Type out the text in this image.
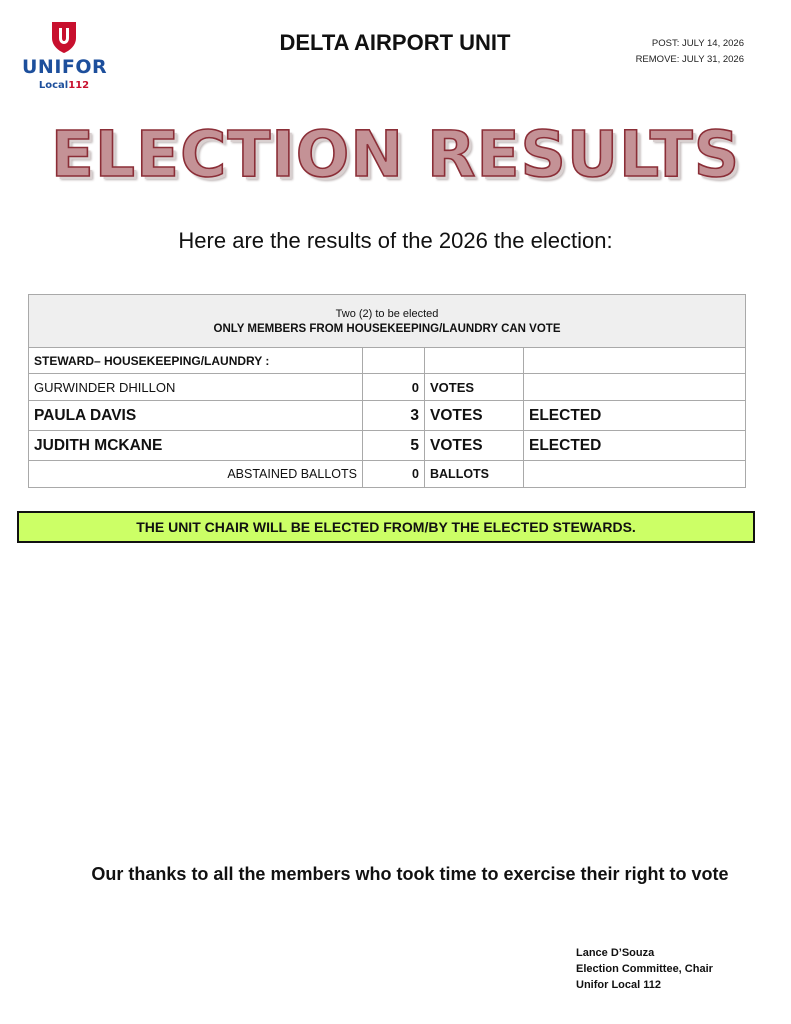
UNIFOR
Local112
DELTA AIRPORT UNIT	POST: JULY 14, 2026
REMOVE: JULY 31, 2026
ELECTION RESULTS
Here are the results of the 2026 the election:
Two (2) to be elected
ONLY MEMBERS FROM HOUSEKEEPING/LAUNDRY CAN VOTE			

STEWARD– HOUSEKEEPING/LAUNDRY :			
GURWINDER DHILLON	0	VOTES	
PAULA DAVIS	3	VOTES	ELECTED
JUDITH MCKANE	5	VOTES	ELECTED
ABSTAINED BALLOTS	0	BALLOTS	
THE UNIT CHAIR WILL BE ELECTED FROM/BY THE ELECTED STEWARDS.
Our thanks to all the members who took time to exercise their right to vote
Lance D’Souza
Election Committee, Chair
Unifor Local 112
